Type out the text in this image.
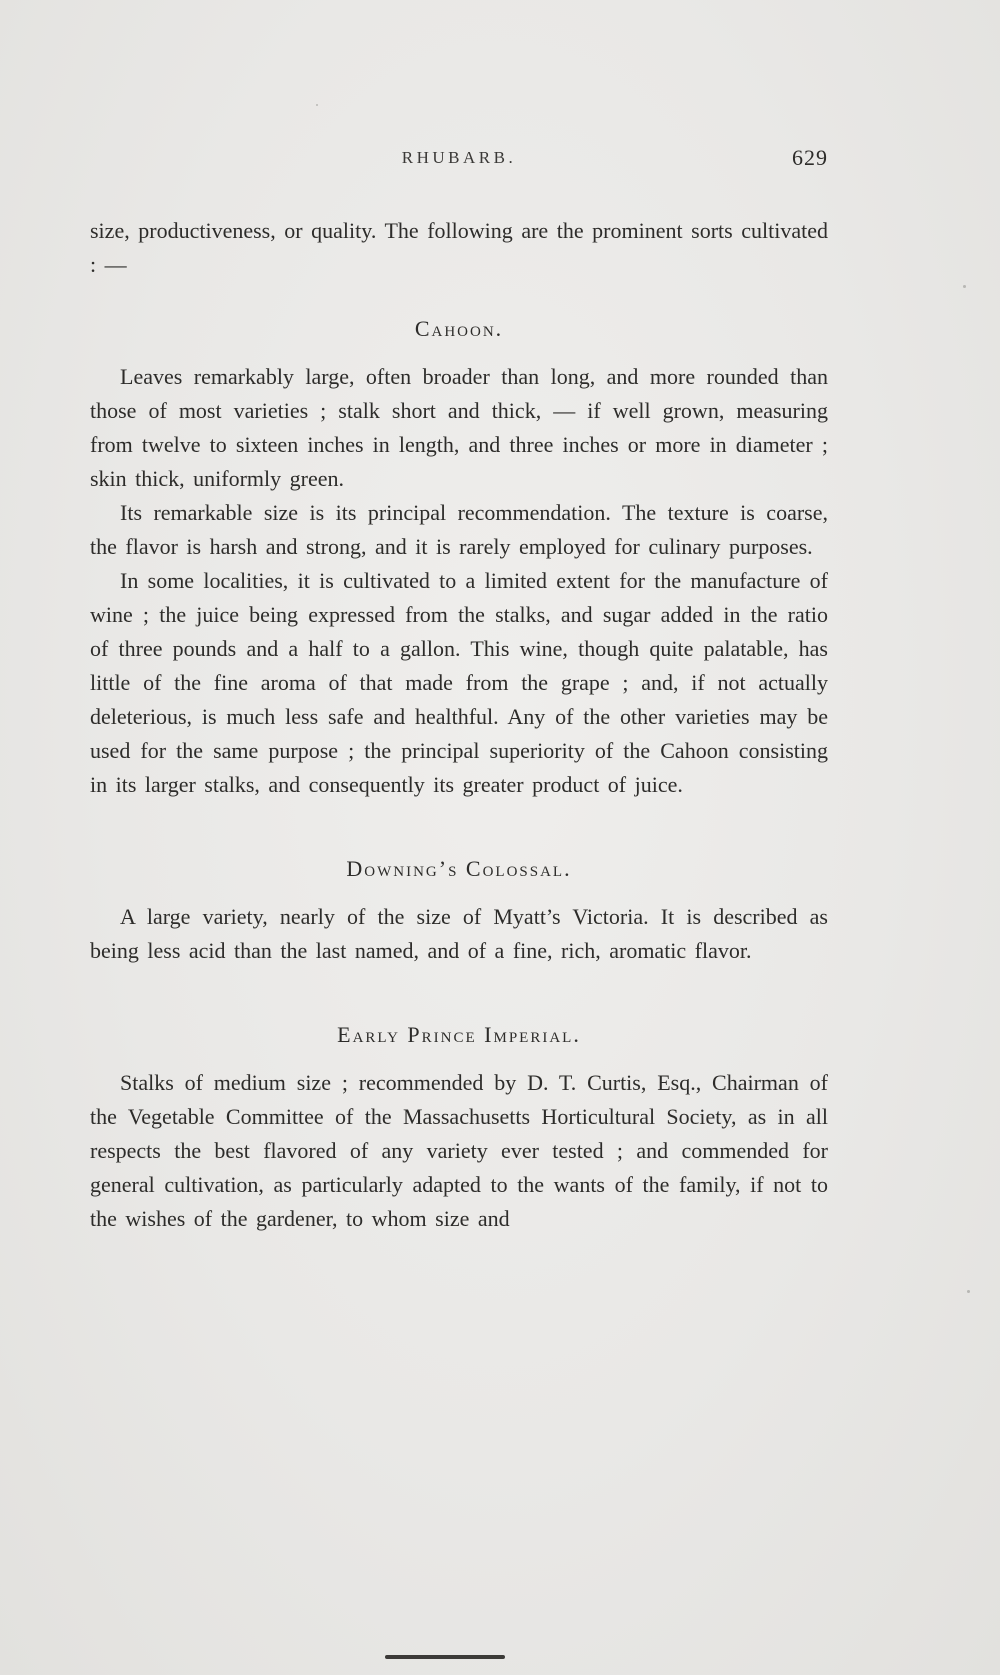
RHUBARB.	629

size, productiveness, or quality. The following are the prominent sorts cultivated : —

Cahoon.

Leaves remarkably large, often broader than long, and more rounded than those of most varieties ; stalk short and thick, — if well grown, measuring from twelve to sixteen inches in length, and three inches or more in diameter ; skin thick, uniformly green.

Its remarkable size is its principal recommendation. The texture is coarse, the flavor is harsh and strong, and it is rarely employed for culinary purposes.

In some localities, it is cultivated to a limited extent for the manufacture of wine ; the juice being expressed from the stalks, and sugar added in the ratio of three pounds and a half to a gallon. This wine, though quite palatable, has little of the fine aroma of that made from the grape ; and, if not actually deleterious, is much less safe and healthful. Any of the other varieties may be used for the same purpose ; the principal superiority of the Cahoon consisting in its larger stalks, and consequently its greater product of juice.

Downing’s Colossal.

A large variety, nearly of the size of Myatt’s Victoria. It is described as being less acid than the last named, and of a fine, rich, aromatic flavor.

Early Prince Imperial.

Stalks of medium size ; recommended by D. T. Curtis, Esq., Chairman of the Vegetable Committee of the Massachusetts Horticultural Society, as in all respects the best flavored of any variety ever tested ; and commended for general cultivation, as particularly adapted to the wants of the family, if not to the wishes of the gardener, to whom size and
